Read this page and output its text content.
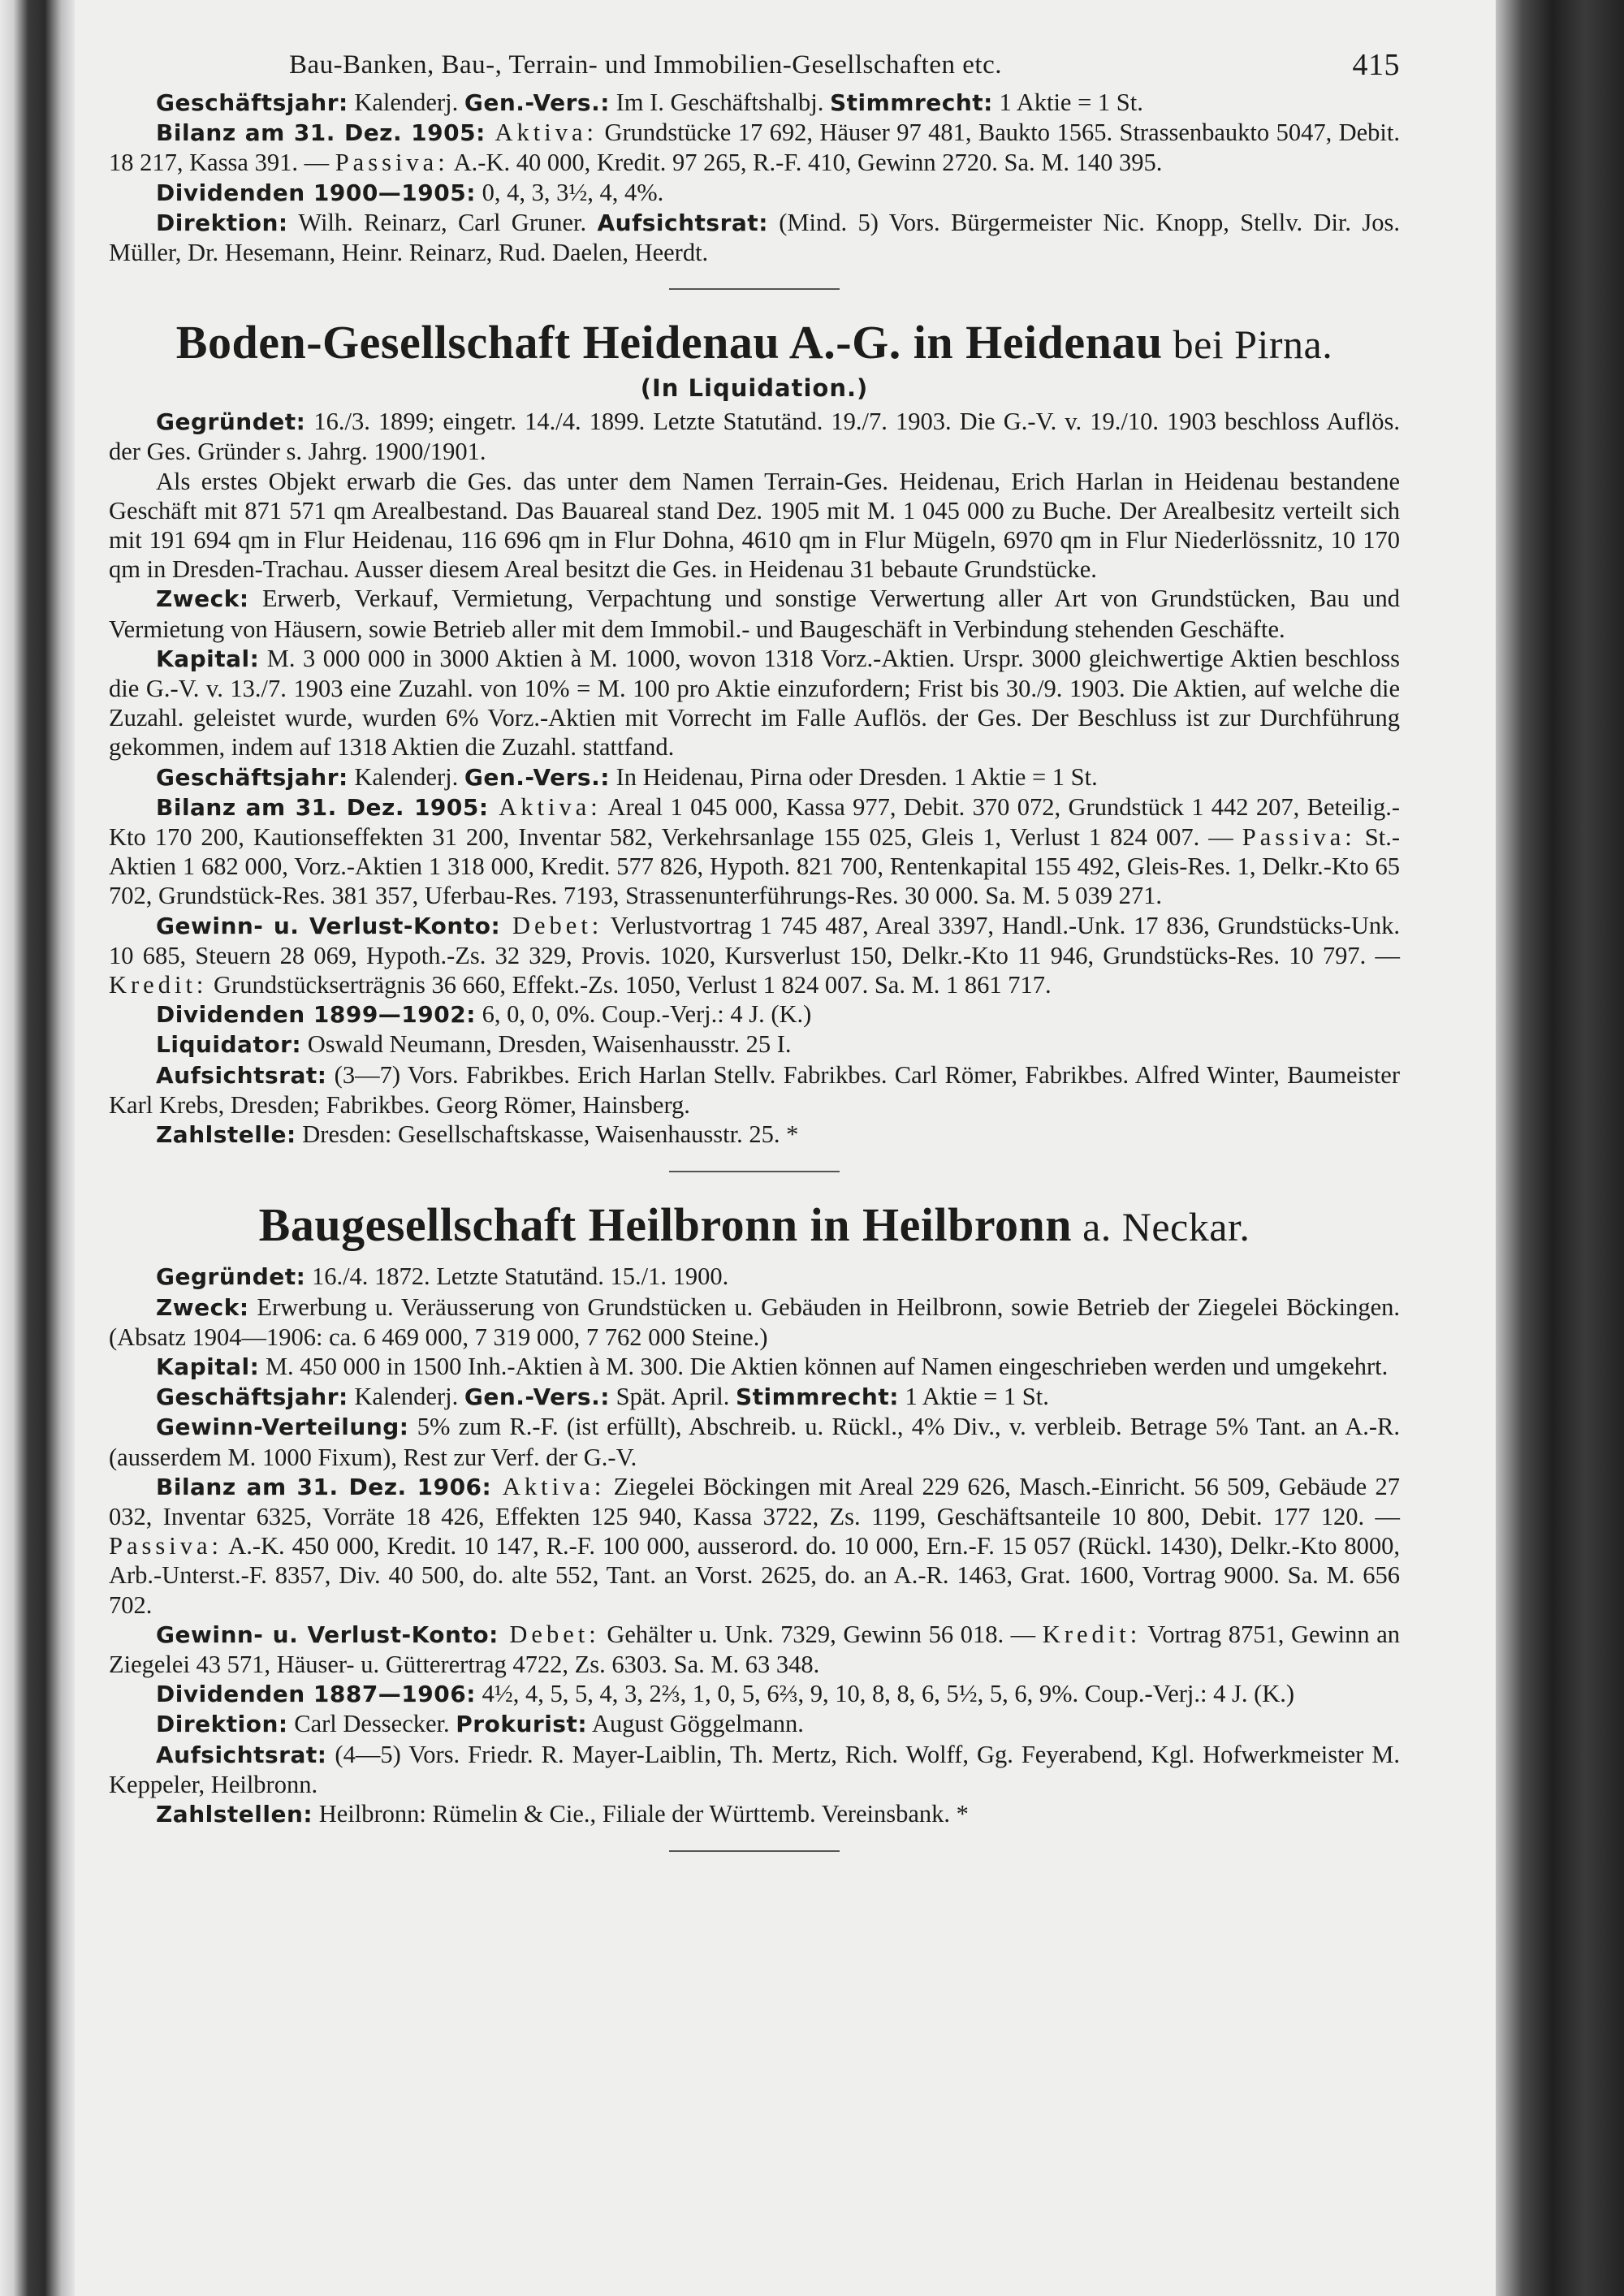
Bau-Banken, Bau-, Terrain- und Immobilien-Gesellschaften etc.	415

Geschäftsjahr: Kalenderj. Gen.-Vers.: Im I. Geschäftshalbj. Stimmrecht: 1 Aktie = 1 St.

Bilanz am 31. Dez. 1905: Aktiva: Grundstücke 17 692, Häuser 97 481, Baukto 1565. Strassenbaukto 5047, Debit. 18 217, Kassa 391. — Passiva: A.-K. 40 000, Kredit. 97 265, R.-F. 410, Gewinn 2720. Sa. M. 140 395.

Dividenden 1900—1905: 0, 4, 3, 3½, 4, 4%.

Direktion: Wilh. Reinarz, Carl Gruner. Aufsichtsrat: (Mind. 5) Vors. Bürgermeister Nic. Knopp, Stellv. Dir. Jos. Müller, Dr. Hesemann, Heinr. Reinarz, Rud. Daelen, Heerdt.

Boden-Gesellschaft Heidenau A.-G. in Heidenau bei Pirna.
(In Liquidation.)

Gegründet: 16./3. 1899; eingetr. 14./4. 1899. Letzte Statutänd. 19./7. 1903. Die G.-V. v. 19./10. 1903 beschloss Auflös. der Ges. Gründer s. Jahrg. 1900/1901.

Als erstes Objekt erwarb die Ges. das unter dem Namen Terrain-Ges. Heidenau, Erich Harlan in Heidenau bestandene Geschäft mit 871 571 qm Arealbestand. Das Bauareal stand Dez. 1905 mit M. 1 045 000 zu Buche. Der Arealbesitz verteilt sich mit 191 694 qm in Flur Heidenau, 116 696 qm in Flur Dohna, 4610 qm in Flur Mügeln, 6970 qm in Flur Niederlössnitz, 10 170 qm in Dresden-Trachau. Ausser diesem Areal besitzt die Ges. in Heidenau 31 bebaute Grundstücke.

Zweck: Erwerb, Verkauf, Vermietung, Verpachtung und sonstige Verwertung aller Art von Grundstücken, Bau und Vermietung von Häusern, sowie Betrieb aller mit dem Immobil.- und Baugeschäft in Verbindung stehenden Geschäfte.

Kapital: M. 3 000 000 in 3000 Aktien à M. 1000, wovon 1318 Vorz.-Aktien. Urspr. 3000 gleichwertige Aktien beschloss die G.-V. v. 13./7. 1903 eine Zuzahl. von 10% = M. 100 pro Aktie einzufordern; Frist bis 30./9. 1903. Die Aktien, auf welche die Zuzahl. geleistet wurde, wurden 6% Vorz.-Aktien mit Vorrecht im Falle Auflös. der Ges. Der Beschluss ist zur Durchführung gekommen, indem auf 1318 Aktien die Zuzahl. stattfand.

Geschäftsjahr: Kalenderj. Gen.-Vers.: In Heidenau, Pirna oder Dresden. 1 Aktie = 1 St.

Bilanz am 31. Dez. 1905: Aktiva: Areal 1 045 000, Kassa 977, Debit. 370 072, Grundstück 1 442 207, Beteilig.-Kto 170 200, Kautionseffekten 31 200, Inventar 582, Verkehrsanlage 155 025, Gleis 1, Verlust 1 824 007. — Passiva: St.-Aktien 1 682 000, Vorz.-Aktien 1 318 000, Kredit. 577 826, Hypoth. 821 700, Rentenkapital 155 492, Gleis-Res. 1, Delkr.-Kto 65 702, Grundstück-Res. 381 357, Uferbau-Res. 7193, Strassenunterführungs-Res. 30 000. Sa. M. 5 039 271.

Gewinn- u. Verlust-Konto: Debet: Verlustvortrag 1 745 487, Areal 3397, Handl.-Unk. 17 836, Grundstücks-Unk. 10 685, Steuern 28 069, Hypoth.-Zs. 32 329, Provis. 1020, Kursverlust 150, Delkr.-Kto 11 946, Grundstücks-Res. 10 797. — Kredit: Grundstückserträgnis 36 660, Effekt.-Zs. 1050, Verlust 1 824 007. Sa. M. 1 861 717.

Dividenden 1899—1902: 6, 0, 0, 0%. Coup.-Verj.: 4 J. (K.)

Liquidator: Oswald Neumann, Dresden, Waisenhausstr. 25 I.

Aufsichtsrat: (3—7) Vors. Fabrikbes. Erich Harlan Stellv. Fabrikbes. Carl Römer, Fabrikbes. Alfred Winter, Baumeister Karl Krebs, Dresden; Fabrikbes. Georg Römer, Hainsberg.

Zahlstelle: Dresden: Gesellschaftskasse, Waisenhausstr. 25. *

Baugesellschaft Heilbronn in Heilbronn a. Neckar.

Gegründet: 16./4. 1872. Letzte Statutänd. 15./1. 1900.

Zweck: Erwerbung u. Veräusserung von Grundstücken u. Gebäuden in Heilbronn, sowie Betrieb der Ziegelei Böckingen. (Absatz 1904—1906: ca. 6 469 000, 7 319 000, 7 762 000 Steine.)

Kapital: M. 450 000 in 1500 Inh.-Aktien à M. 300. Die Aktien können auf Namen eingeschrieben werden und umgekehrt.

Geschäftsjahr: Kalenderj. Gen.-Vers.: Spät. April. Stimmrecht: 1 Aktie = 1 St.

Gewinn-Verteilung: 5% zum R.-F. (ist erfüllt), Abschreib. u. Rückl., 4% Div., v. verbleib. Betrage 5% Tant. an A.-R. (ausserdem M. 1000 Fixum), Rest zur Verf. der G.-V.

Bilanz am 31. Dez. 1906: Aktiva: Ziegelei Böckingen mit Areal 229 626, Masch.-Einricht. 56 509, Gebäude 27 032, Inventar 6325, Vorräte 18 426, Effekten 125 940, Kassa 3722, Zs. 1199, Geschäftsanteile 10 800, Debit. 177 120. — Passiva: A.-K. 450 000, Kredit. 10 147, R.-F. 100 000, ausserord. do. 10 000, Ern.-F. 15 057 (Rückl. 1430), Delkr.-Kto 8000, Arb.-Unterst.-F. 8357, Div. 40 500, do. alte 552, Tant. an Vorst. 2625, do. an A.-R. 1463, Grat. 1600, Vortrag 9000. Sa. M. 656 702.

Gewinn- u. Verlust-Konto: Debet: Gehälter u. Unk. 7329, Gewinn 56 018. — Kredit: Vortrag 8751, Gewinn an Ziegelei 43 571, Häuser- u. Gütterertrag 4722, Zs. 6303. Sa. M. 63 348.

Dividenden 1887—1906: 4½, 4, 5, 5, 4, 3, 2⅔, 1, 0, 5, 6⅔, 9, 10, 8, 8, 6, 5½, 5, 6, 9%. Coup.-Verj.: 4 J. (K.)

Direktion: Carl Dessecker. Prokurist: August Göggelmann.

Aufsichtsrat: (4—5) Vors. Friedr. R. Mayer-Laiblin, Th. Mertz, Rich. Wolff, Gg. Feyerabend, Kgl. Hofwerkmeister M. Keppeler, Heilbronn.

Zahlstellen: Heilbronn: Rümelin & Cie., Filiale der Württemb. Vereinsbank. *
